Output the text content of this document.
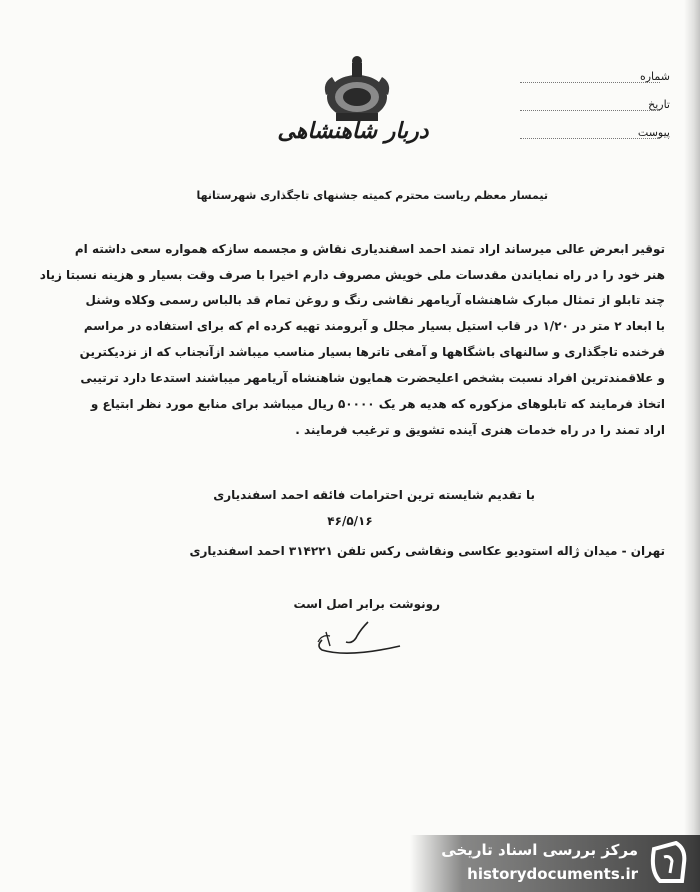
دربار شاهنشاهی
شماره
تاریخ
پیوست
تیمسار معظم ریاست محترم کمیته جشنهای تاجگذاری شهرستانها
توقیر ابعرض عالی میرساند اراد تمند احمد اسفندیاری نقاش و مجسمه سازکه همواره سعی داشته ام
هنر خود را در راه نمایاندن مقدسات ملی خویش مصروف دارم اخیرا با صرف وقت بسیار و هزینه نسبتا زیاد
چند تابلو از تمثال مبارک شاهنشاه آریامهر نقاشی رنگ و روغن تمام قد بالباس رسمی وکلاه وشنل
با ابعاد ۲ متر در ۱/۲۰ در قاب استیل بسیار مجلل و آبرومند تهیه کرده ام که برای استفاده در مراسم
فرخنده تاجگذاری و سالنهای باشگاهها و آمفی تاترها بسیار مناسب میباشد ازآنجناب که از نزدیکترین
و علاقمندترین افراد نسبت بشخص اعلیحضرت همایون شاهنشاه آریامهر میباشند استدعا دارد ترتیبی
اتخاذ فرمایند که تابلوهای مزکوره که هدیه هر یک ۵۰۰۰۰ ریال میباشد برای منابع مورد نظر ابتیاع و
اراد تمند را در راه خدمات هنری آینده تشویق و ترغیب فرمایند .
با تقدیم شایسته ترین احترامات فائقه احمد اسفندیاری
۴۶/۵/۱۶
تهران - میدان ژاله استودیو عکاسی ونقاشی رکس تلفن ۳۱۴۲۲۱ احمد اسفندیاری
رونوشت برابر اصل است
مرکز بررسی اسناد تاریخی
historydocuments.ir
